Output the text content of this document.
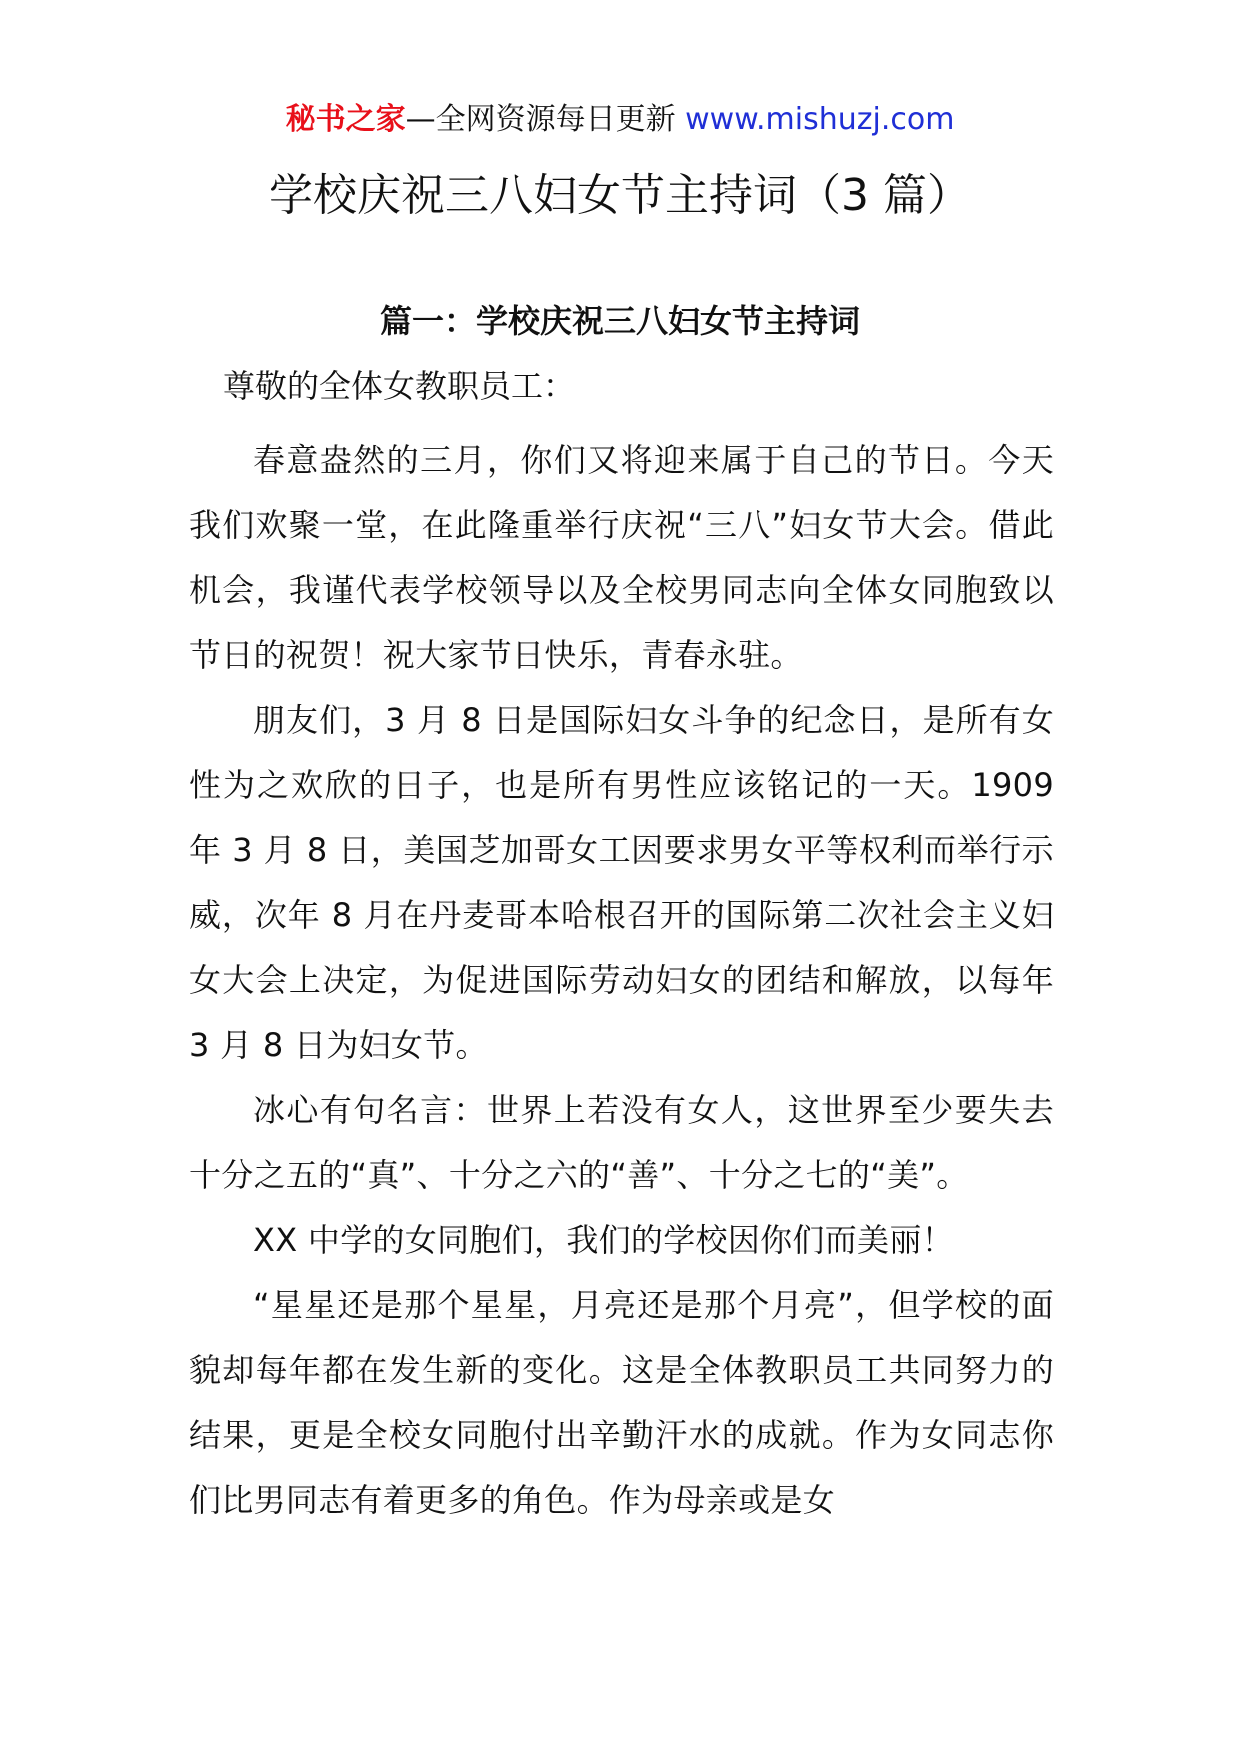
秘书之家—全网资源每日更新 www.mishuzj.com
学校庆祝三八妇女节主持词（3 篇）
篇一：学校庆祝三八妇女节主持词
尊敬的全体女教职员工：

春意盎然的三月，你们又将迎来属于自己的节日。今天我们欢聚一堂，在此隆重举行庆祝“三八”妇女节大会。借此机会，我谨代表学校领导以及全校男同志向全体女同胞致以节日的祝贺！祝大家节日快乐，青春永驻。

朋友们，3 月 8 日是国际妇女斗争的纪念日，是所有女性为之欢欣的日子，也是所有男性应该铭记的一天。1909 年 3 月 8 日，美国芝加哥女工因要求男女平等权利而举行示威，次年 8 月在丹麦哥本哈根召开的国际第二次社会主义妇女大会上决定，为促进国际劳动妇女的团结和解放，以每年 3 月 8 日为妇女节。

冰心有句名言：世界上若没有女人，这世界至少要失去十分之五的“真”、十分之六的“善”、十分之七的“美”。

XX 中学的女同胞们，我们的学校因你们而美丽！

“星星还是那个星星，月亮还是那个月亮”，但学校的面貌却每年都在发生新的变化。这是全体教职员工共同努力的结果，更是全校女同胞付出辛勤汗水的成就。作为女同志你们比男同志有着更多的角色。作为母亲或是女
